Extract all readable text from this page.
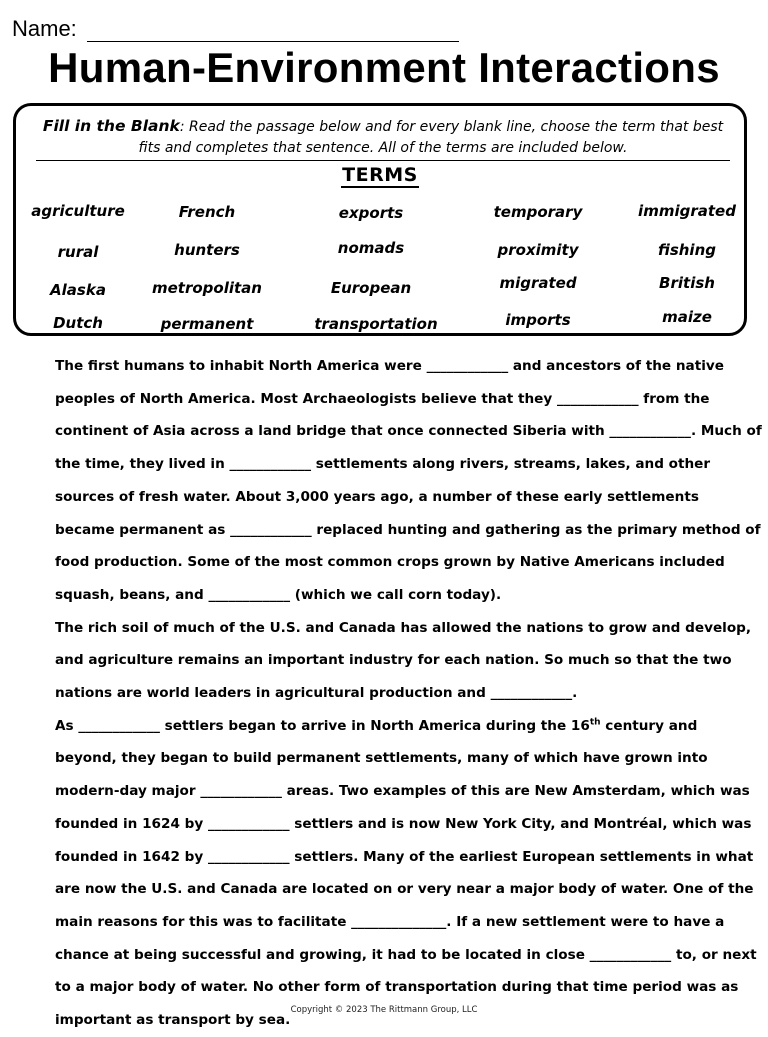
Name:
Human-Environment Interactions
Fill in the Blank: Read the passage below and for every blank line, choose the term that best fits and completes that sentence. All of the terms are included below.
TERMS
agriculture	French	exports	temporary	immigrated
rural	hunters	nomads	proximity	fishing
Alaska	metropolitan	European	migrated	British
Dutch	permanent	transportation	imports	maize

The first humans to inhabit North America were ____________ and ancestors of the native peoples of North America. Most Archaeologists believe that they ____________ from the continent of Asia across a land bridge that once connected Siberia with ____________. Much of the time, they lived in ____________ settlements along rivers, streams, lakes, and other sources of fresh water. About 3,000 years ago, a number of these early settlements became permanent as ____________ replaced hunting and gathering as the primary method of food production. Some of the most common crops grown by Native Americans included squash, beans, and ____________ (which we call corn today).

The rich soil of much of the U.S. and Canada has allowed the nations to grow and develop, and agriculture remains an important industry for each nation. So much so that the two nations are world leaders in agricultural production and ____________.

As ____________ settlers began to arrive in North America during the 16th century and beyond, they began to build permanent settlements, many of which have grown into modern-day major ____________ areas. Two examples of this are New Amsterdam, which was founded in 1624 by ____________ settlers and is now New York City, and Montréal, which was founded in 1642 by ____________ settlers. Many of the earliest European settlements in what are now the U.S. and Canada are located on or very near a major body of water. One of the main reasons for this was to facilitate ______________. If a new settlement were to have a chance at being successful and growing, it had to be located in close ____________ to, or next to a major body of water. No other form of transportation during that time period was as important as transport by sea.

Copyright © 2023 The Rittmann Group, LLC
